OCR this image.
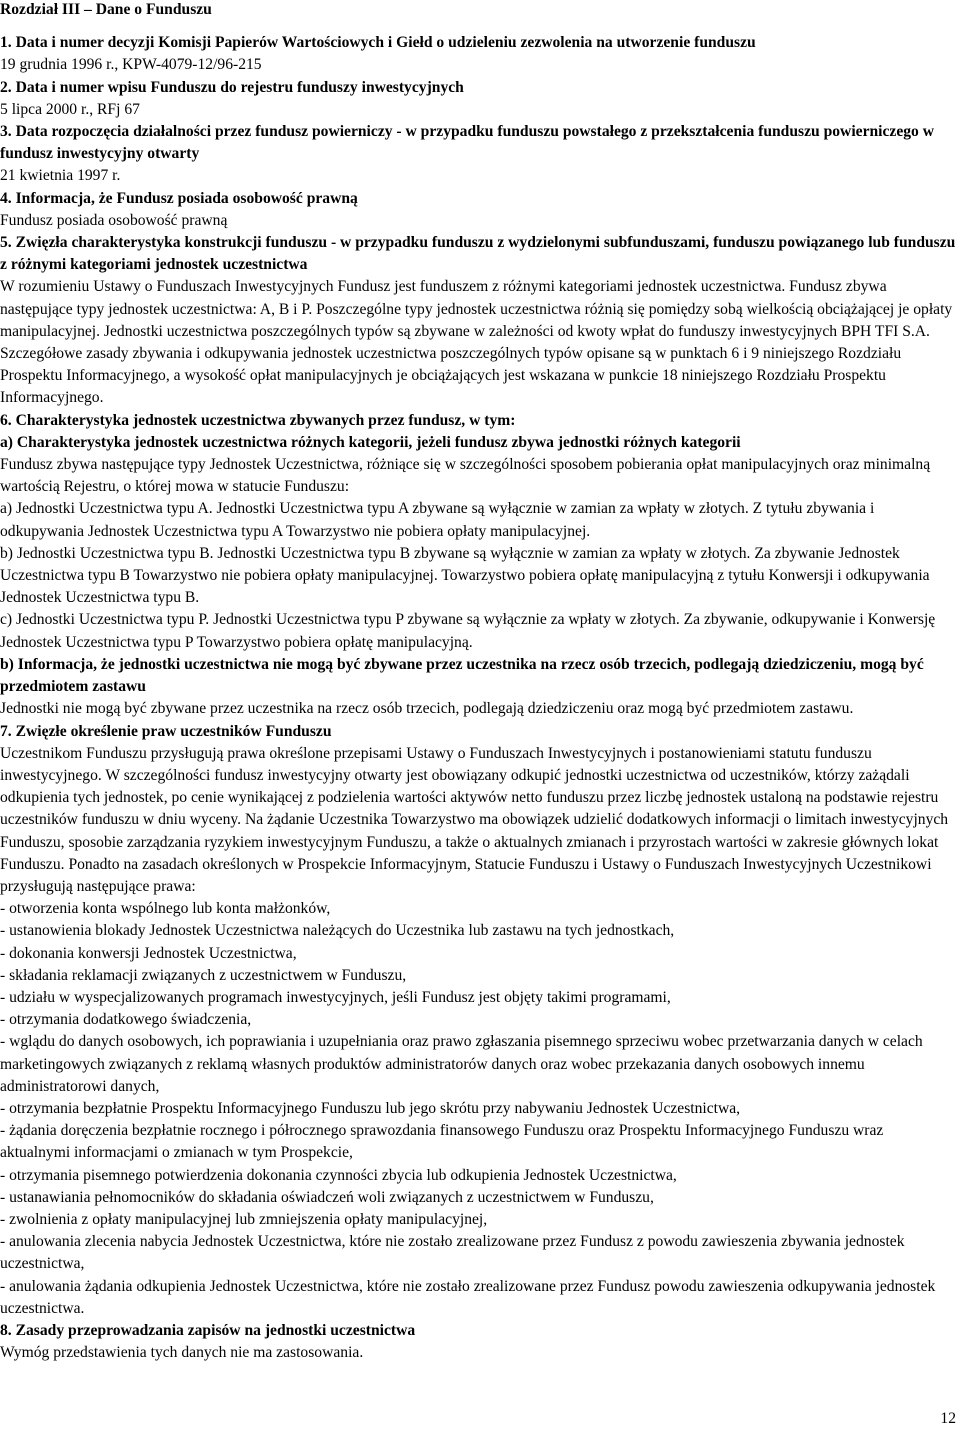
Rozdział III – Dane o Funduszu

1. Data i numer decyzji Komisji Papierów Wartościowych i Giełd o udzieleniu zezwolenia na utworzenie funduszu

19 grudnia 1996 r., KPW-4079-12/96-215

2. Data i numer wpisu Funduszu do rejestru funduszy inwestycyjnych

5 lipca 2000 r., RFj 67

3. Data rozpoczęcia działalności przez fundusz powierniczy - w przypadku funduszu powstałego z przekształcenia funduszu powierniczego w fundusz inwestycyjny otwarty

21 kwietnia 1997 r.

4. Informacja, że Fundusz posiada osobowość prawną

Fundusz posiada osobowość prawną

5. Zwięzła charakterystyka konstrukcji funduszu - w przypadku funduszu z wydzielonymi subfunduszami, funduszu powiązanego lub funduszu z różnymi kategoriami jednostek uczestnictwa

W rozumieniu Ustawy o Funduszach Inwestycyjnych Fundusz jest funduszem z różnymi kategoriami jednostek uczestnictwa. Fundusz zbywa następujące typy jednostek uczestnictwa: A, B i P. Poszczególne typy jednostek uczestnictwa różnią się pomiędzy sobą wielkością obciążającej je opłaty manipulacyjnej. Jednostki uczestnictwa poszczególnych typów są zbywane w zależności od kwoty wpłat do funduszy inwestycyjnych BPH TFI S.A. Szczegółowe zasady zbywania i odkupywania jednostek uczestnictwa poszczególnych typów opisane są w punktach 6 i 9 niniejszego Rozdziału Prospektu Informacyjnego, a wysokość opłat manipulacyjnych je obciążających jest wskazana w punkcie 18 niniejszego Rozdziału Prospektu Informacyjnego.

6. Charakterystyka jednostek uczestnictwa zbywanych przez fundusz, w tym:

a) Charakterystyka jednostek uczestnictwa różnych kategorii, jeżeli fundusz zbywa jednostki różnych kategorii

Fundusz zbywa następujące typy Jednostek Uczestnictwa, różniące się w szczególności sposobem pobierania opłat manipulacyjnych oraz minimalną wartością Rejestru, o której mowa w statucie Funduszu:

a) Jednostki Uczestnictwa typu A. Jednostki Uczestnictwa typu A zbywane są wyłącznie w zamian za wpłaty w złotych. Z tytułu zbywania i odkupywania Jednostek Uczestnictwa typu A Towarzystwo nie pobiera opłaty manipulacyjnej.

b) Jednostki Uczestnictwa typu B. Jednostki Uczestnictwa typu B zbywane są wyłącznie w zamian za wpłaty w złotych. Za zbywanie Jednostek Uczestnictwa typu B Towarzystwo nie pobiera opłaty manipulacyjnej. Towarzystwo pobiera opłatę manipulacyjną z tytułu Konwersji i odkupywania Jednostek Uczestnictwa typu B.

c) Jednostki Uczestnictwa typu P. Jednostki Uczestnictwa typu P zbywane są wyłącznie za wpłaty w złotych. Za zbywanie, odkupywanie i Konwersję Jednostek Uczestnictwa typu P Towarzystwo pobiera opłatę manipulacyjną.

b) Informacja, że jednostki uczestnictwa nie mogą być zbywane przez uczestnika na rzecz osób trzecich, podlegają dziedziczeniu, mogą być przedmiotem zastawu

Jednostki nie mogą być zbywane przez uczestnika na rzecz osób trzecich, podlegają dziedziczeniu oraz mogą być przedmiotem zastawu.

7. Zwięzłe określenie praw uczestników Funduszu

Uczestnikom Funduszu przysługują prawa określone przepisami Ustawy o Funduszach Inwestycyjnych i postanowieniami statutu funduszu inwestycyjnego. W szczególności fundusz inwestycyjny otwarty jest obowiązany odkupić jednostki uczestnictwa od uczestników, którzy zażądali odkupienia tych jednostek, po cenie wynikającej z podzielenia wartości aktywów netto funduszu przez liczbę jednostek ustaloną na podstawie rejestru uczestników funduszu w dniu wyceny. Na żądanie Uczestnika Towarzystwo ma obowiązek udzielić dodatkowych informacji o limitach inwestycyjnych Funduszu, sposobie zarządzania ryzykiem inwestycyjnym Funduszu, a także o aktualnych zmianach i przyrostach wartości w zakresie głównych lokat Funduszu. Ponadto na zasadach określonych w Prospekcie Informacyjnym, Statucie Funduszu i Ustawy o Funduszach Inwestycyjnych Uczestnikowi przysługują następujące prawa:

- otworzenia konta wspólnego lub konta małżonków,

- ustanowienia blokady Jednostek Uczestnictwa należących do Uczestnika lub zastawu na tych jednostkach,

- dokonania konwersji Jednostek Uczestnictwa,

- składania reklamacji związanych z uczestnictwem w Funduszu,

- udziału w wyspecjalizowanych programach inwestycyjnych, jeśli Fundusz jest objęty takimi programami,

- otrzymania dodatkowego świadczenia,

- wglądu do danych osobowych, ich poprawiania i uzupełniania oraz prawo zgłaszania pisemnego sprzeciwu wobec przetwarzania danych w celach marketingowych związanych z reklamą własnych produktów administratorów danych oraz wobec przekazania danych osobowych innemu administratorowi danych,

- otrzymania bezpłatnie Prospektu Informacyjnego Funduszu lub jego skrótu przy nabywaniu Jednostek Uczestnictwa,

- żądania doręczenia bezpłatnie rocznego i półrocznego sprawozdania finansowego Funduszu oraz Prospektu Informacyjnego Funduszu wraz aktualnymi informacjami o zmianach w tym Prospekcie,

- otrzymania pisemnego potwierdzenia dokonania czynności zbycia lub odkupienia Jednostek Uczestnictwa,

- ustanawiania pełnomocników do składania oświadczeń woli związanych z uczestnictwem w Funduszu,

- zwolnienia z opłaty manipulacyjnej lub zmniejszenia opłaty manipulacyjnej,

- anulowania zlecenia nabycia Jednostek Uczestnictwa, które nie zostało zrealizowane przez Fundusz z powodu zawieszenia zbywania jednostek uczestnictwa,

- anulowania żądania odkupienia Jednostek Uczestnictwa, które nie zostało zrealizowane przez Fundusz powodu zawieszenia odkupywania jednostek uczestnictwa.

8. Zasady przeprowadzania zapisów na jednostki uczestnictwa

Wymóg przedstawienia tych danych nie ma zastosowania.

12
